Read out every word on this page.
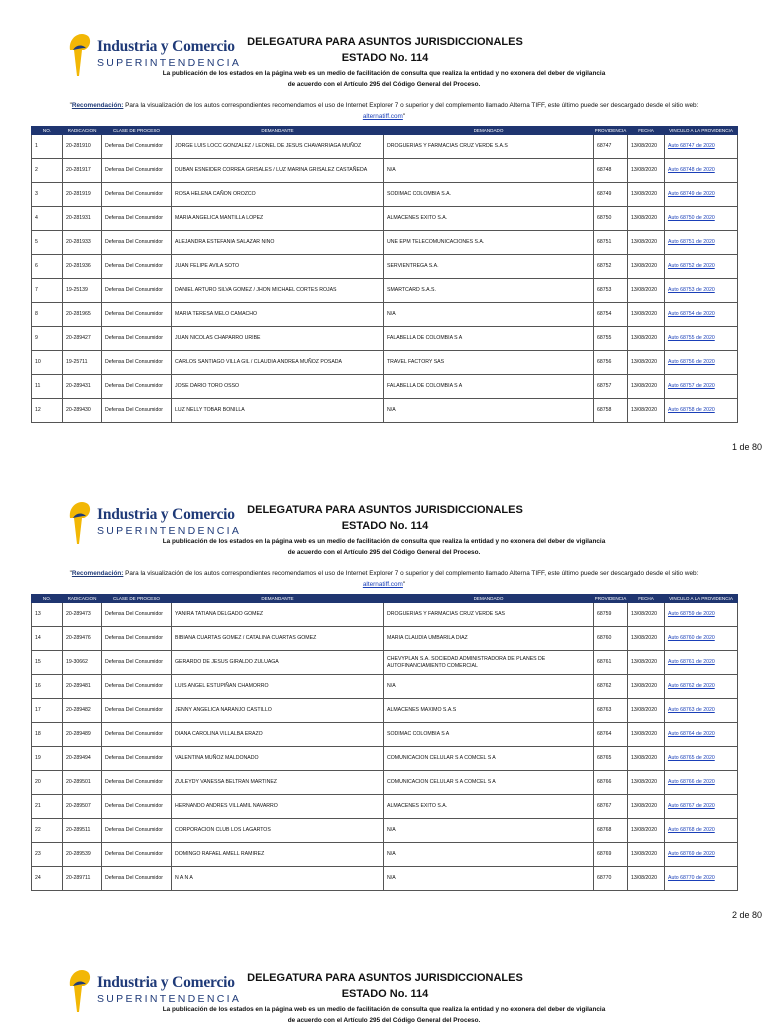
Industria y Comercio
SUPERINTENDENCIA
DELEGATURA PARA ASUNTOS JURISDICCIONALES
ESTADO No. 114
La publicación de los estados en la página web es un medio de facilitación de consulta que realiza la entidad y no exonera del deber de vigilancia
de acuerdo con el Artículo 295 del Código General del Proceso.
"Recomendación: Para la visualización de los autos correspondientes recomendamos el uso de Internet Explorer 7 o superior y del complemento llamado Alterna TIFF, este último puede ser descargado desde el sitio web:
alternatiff.com"
NO.	RADICACION	CLASE DE PROCESO	DEMANDANTE	DEMANDADO	PROVIDENCIA	FECHA	VINCULO A LA PROVIDENCIA
1	20-281910	Defensa Del Consumidor	JORGE LUIS LOCC GONZALEZ / LEONEL DE JESUS CHAVARRIAGA MUÑOZ	DROGUERIAS Y FARMACIAS CRUZ VERDE S.A.S	68747	13/08/2020	Auto 68747 de 2020
2	20-281917	Defensa Del Consumidor	DUBAN ESNEIDER CORREA GRISALES / LUZ MARINA GRISALEZ CASTAÑEDA	N/A	68748	13/08/2020	Auto 68748 de 2020
3	20-281919	Defensa Del Consumidor	ROSA HELENA CAÑON OROZCO	SODIMAC COLOMBIA S.A.	68749	13/08/2020	Auto 68749 de 2020
4	20-281931	Defensa Del Consumidor	MARIA ANGELICA MANTILLA LOPEZ	ALMACENES EXITO S.A.	68750	13/08/2020	Auto 68750 de 2020
5	20-281933	Defensa Del Consumidor	ALEJANDRA ESTEFANIA SALAZAR NINO	UNE EPM TELECOMUNICACIONES S.A.	68751	13/08/2020	Auto 68751 de 2020
6	20-281936	Defensa Del Consumidor	JUAN FELIPE AVILA SOTO	SERVIENTREGA S.A.	68752	13/08/2020	Auto 68752 de 2020
7	19-25139	Defensa Del Consumidor	DANIEL ARTURO SILVA GOMEZ / JHON MICHAEL CORTES ROJAS	SMARTCARD S.A.S.	68753	13/08/2020	Auto 68753 de 2020
8	20-281965	Defensa Del Consumidor	MARIA TERESA MELO CAMACHO	N/A	68754	13/08/2020	Auto 68754 de 2020
9	20-289427	Defensa Del Consumidor	JUAN NICOLAS CHAPARRO URIBE	FALABELLA DE COLOMBIA S A	68755	13/08/2020	Auto 68755 de 2020
10	19-25711	Defensa Del Consumidor	CARLOS SANTIAGO VILLA GIL / CLAUDIA ANDREA MUÑOZ POSADA	TRAVEL FACTORY SAS	68756	13/08/2020	Auto 68756 de 2020
11	20-289431	Defensa Del Consumidor	JOSE DARIO TORO OSSO	FALABELLA DE COLOMBIA S A	68757	13/08/2020	Auto 68757 de 2020
12	20-289430	Defensa Del Consumidor	LUZ NELLY TOBAR BONILLA	N/A	68758	13/08/2020	Auto 68758 de 2020
1 de 80
Industria y Comercio
SUPERINTENDENCIA
DELEGATURA PARA ASUNTOS JURISDICCIONALES
ESTADO No. 114
La publicación de los estados en la página web es un medio de facilitación de consulta que realiza la entidad y no exonera del deber de vigilancia
de acuerdo con el Artículo 295 del Código General del Proceso.
"Recomendación: Para la visualización de los autos correspondientes recomendamos el uso de Internet Explorer 7 o superior y del complemento llamado Alterna TIFF, este último puede ser descargado desde el sitio web:
alternatiff.com"
NO.	RADICACION	CLASE DE PROCESO	DEMANDANTE	DEMANDADO	PROVIDENCIA	FECHA	VINCULO A LA PROVIDENCIA
13	20-289473	Defensa Del Consumidor	YANIRA TATIANA DELGADO GOMEZ	DROGUERIAS Y FARMACIAS CRUZ VERDE SAS	68759	13/08/2020	Auto 68759 de 2020
14	20-289476	Defensa Del Consumidor	BIBIANA CUARTAS GOMEZ / CATALINA CUARTAS GOMEZ	MARIA CLAUDIA UMBARILA DIAZ	68760	13/08/2020	Auto 68760 de 2020
15	19-30662	Defensa Del Consumidor	GERARDO DE JESUS GIRALDO ZULUAGA	CHEVYPLAN S.A. SOCIEDAD ADMINISTRADORA DE PLANES DE AUTOFINANCIAMIENTO COMERCIAL	68761	13/08/2020	Auto 68761 de 2020
16	20-289481	Defensa Del Consumidor	LUIS ANGEL ESTUPIÑAN CHAMORRO	N/A	68762	13/08/2020	Auto 68762 de 2020
17	20-289482	Defensa Del Consumidor	JENNY ANGELICA NARANJO CASTILLO	ALMACENES MAXIMO S.A.S	68763	13/08/2020	Auto 68763 de 2020
18	20-289489	Defensa Del Consumidor	DIANA CAROLINA VILLALBA ERAZO	SODIMAC COLOMBIA S A	68764	13/08/2020	Auto 68764 de 2020
19	20-289494	Defensa Del Consumidor	VALENTINA MUÑOZ MALDONADO	COMUNICACION CELULAR S A COMCEL S A	68765	13/08/2020	Auto 68765 de 2020
20	20-289501	Defensa Del Consumidor	ZULEYDY VANESSA BELTRAN MARTINEZ	COMUNICACION CELULAR S A COMCEL S A	68766	13/08/2020	Auto 68766 de 2020
21	20-289507	Defensa Del Consumidor	HERNANDO ANDRES VILLAMIL NAVARRO	ALMACENES EXITO S.A.	68767	13/08/2020	Auto 68767 de 2020
22	20-289511	Defensa Del Consumidor	CORPORACION CLUB LOS LAGARTOS	N/A	68768	13/08/2020	Auto 68768 de 2020
23	20-289539	Defensa Del Consumidor	DOMINGO RAFAEL AMELL RAMIREZ	N/A	68769	13/08/2020	Auto 68769 de 2020
24	20-289711	Defensa Del Consumidor	N A N A	N/A	68770	13/08/2020	Auto 68770 de 2020
2 de 80
Industria y Comercio
SUPERINTENDENCIA
DELEGATURA PARA ASUNTOS JURISDICCIONALES
ESTADO No. 114
La publicación de los estados en la página web es un medio de facilitación de consulta que realiza la entidad y no exonera del deber de vigilancia
de acuerdo con el Artículo 295 del Código General del Proceso.
